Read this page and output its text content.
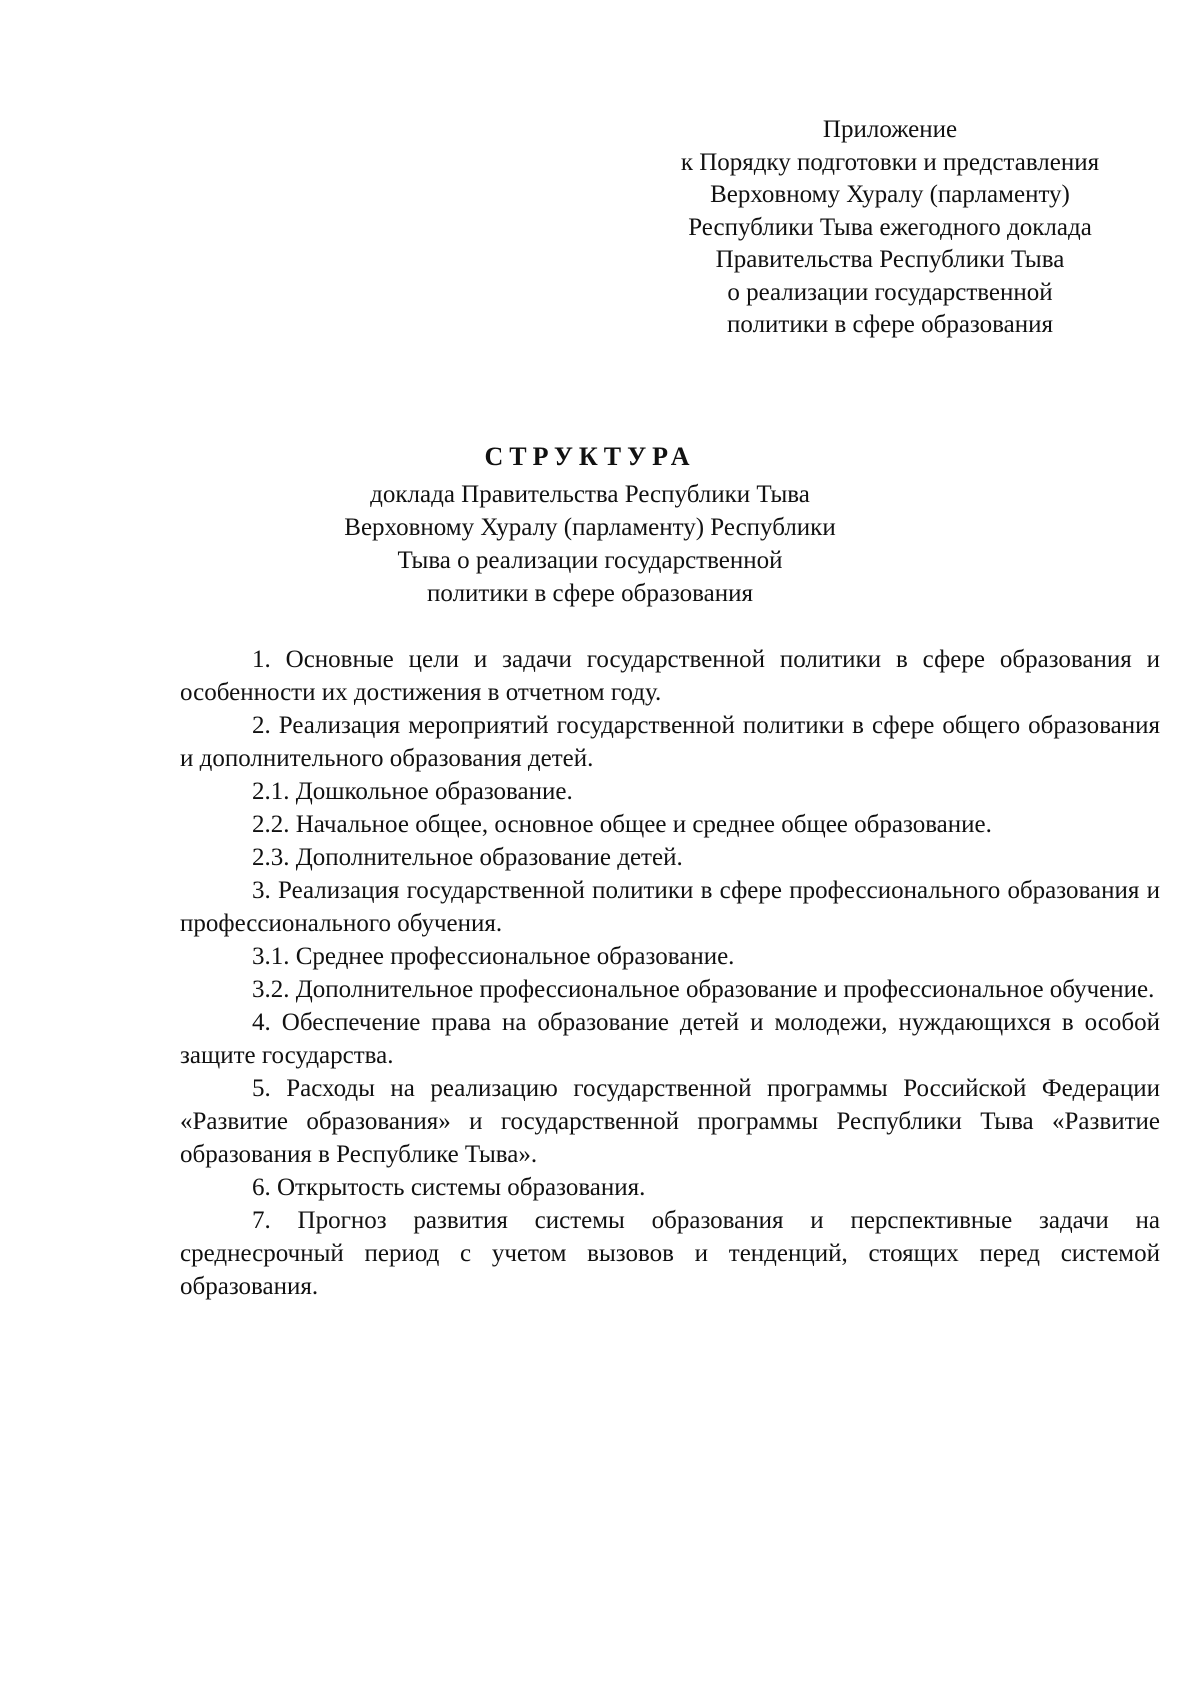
Приложение
к Порядку подготовки и представления
Верховному Хуралу (парламенту)
Республики Тыва ежегодного доклада
Правительства Республики Тыва
о реализации государственной
политики в сфере образования
СТРУКТУРА
доклада Правительства Республики Тыва
Верховному Хуралу (парламенту) Республики
Тыва о реализации государственной
политики в сфере образования

1. Основные цели и задачи государственной политики в сфере образования и особенности их достижения в отчетном году.

2. Реализация мероприятий государственной политики в сфере общего образования и дополнительного образования детей.

2.1. Дошкольное образование.

2.2. Начальное общее, основное общее и среднее общее образование.

2.3. Дополнительное образование детей.

3. Реализация государственной политики в сфере профессионального образования и профессионального обучения.

3.1. Среднее профессиональное образование.

3.2. Дополнительное профессиональное образование и профессиональное обучение.

4. Обеспечение права на образование детей и молодежи, нуждающихся в особой защите государства.

5. Расходы на реализацию государственной программы Российской Федерации «Развитие образования» и государственной программы Республики Тыва «Развитие образования в Республике Тыва».

6. Открытость системы образования.

7. Прогноз развития системы образования и перспективные задачи на среднесрочный период с учетом вызовов и тенденций, стоящих перед системой образования.
